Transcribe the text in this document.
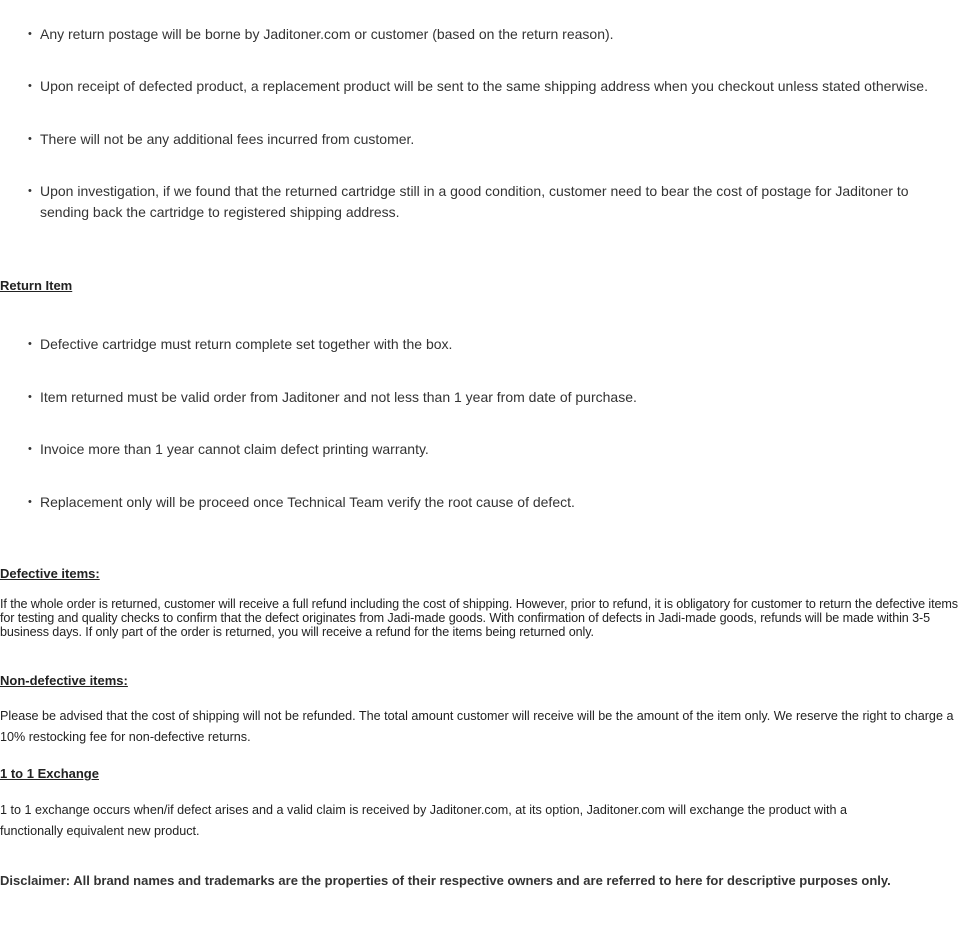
• Any return postage will be borne by Jaditoner.com or customer (based on the return reason).
• Upon receipt of defected product, a replacement product will be sent to the same shipping address when you checkout unless stated otherwise.
• There will not be any additional fees incurred from customer.
• Upon investigation, if we found that the returned cartridge still in a good condition, customer need to bear the cost of postage for Jaditoner to sending back the cartridge to registered shipping address.
Return Item
• Defective cartridge must return complete set together with the box.
• Item returned must be valid order from Jaditoner and not less than 1 year from date of purchase.
• Invoice more than 1 year cannot claim defect printing warranty.
• Replacement only will be proceed once Technical Team verify the root cause of defect.
Defective items:
If the whole order is returned, customer will receive a full refund including the cost of shipping. However, prior to refund, it is obligatory for customer to return the defective items for testing and quality checks to confirm that the defect originates from Jadi-made goods. With confirmation of defects in Jadi-made goods, refunds will be made within 3-5 business days. If only part of the order is returned, you will receive a refund for the items being returned only.
Non-defective items:
Please be advised that the cost of shipping will not be refunded. The total amount customer will receive will be the amount of the item only. We reserve the right to charge a 10% restocking fee for non-defective returns.
1 to 1 Exchange
1 to 1 exchange occurs when/if defect arises and a valid claim is received by Jaditoner.com, at its option, Jaditoner.com will exchange the product with a functionally equivalent new product.
Disclaimer: All brand names and trademarks are the properties of their respective owners and are referred to here for descriptive purposes only.
